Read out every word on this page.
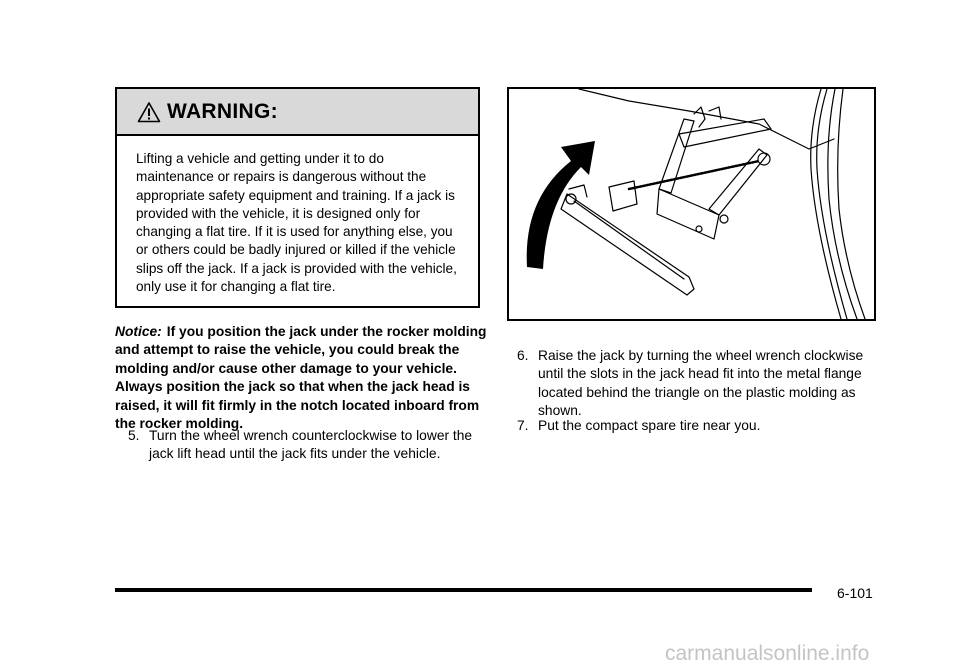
WARNING:
Lifting a vehicle and getting under it to do maintenance or repairs is dangerous without the appropriate safety equipment and training. If a jack is provided with the vehicle, it is designed only for changing a flat tire. If it is used for anything else, you or others could be badly injured or killed if the vehicle slips off the jack. If a jack is provided with the vehicle, only use it for changing a flat tire.
Notice: If you position the jack under the rocker molding and attempt to raise the vehicle, you could break the molding and/or cause other damage to your vehicle. Always position the jack so that when the jack head is raised, it will fit firmly in the notch located inboard from the rocker molding.
5. Turn the wheel wrench counterclockwise to lower the jack lift head until the jack fits under the vehicle.
6. Raise the jack by turning the wheel wrench clockwise until the slots in the jack head fit into the metal flange located behind the triangle on the plastic molding as shown.
7. Put the compact spare tire near you.
6-101
carmanualsonline.info
